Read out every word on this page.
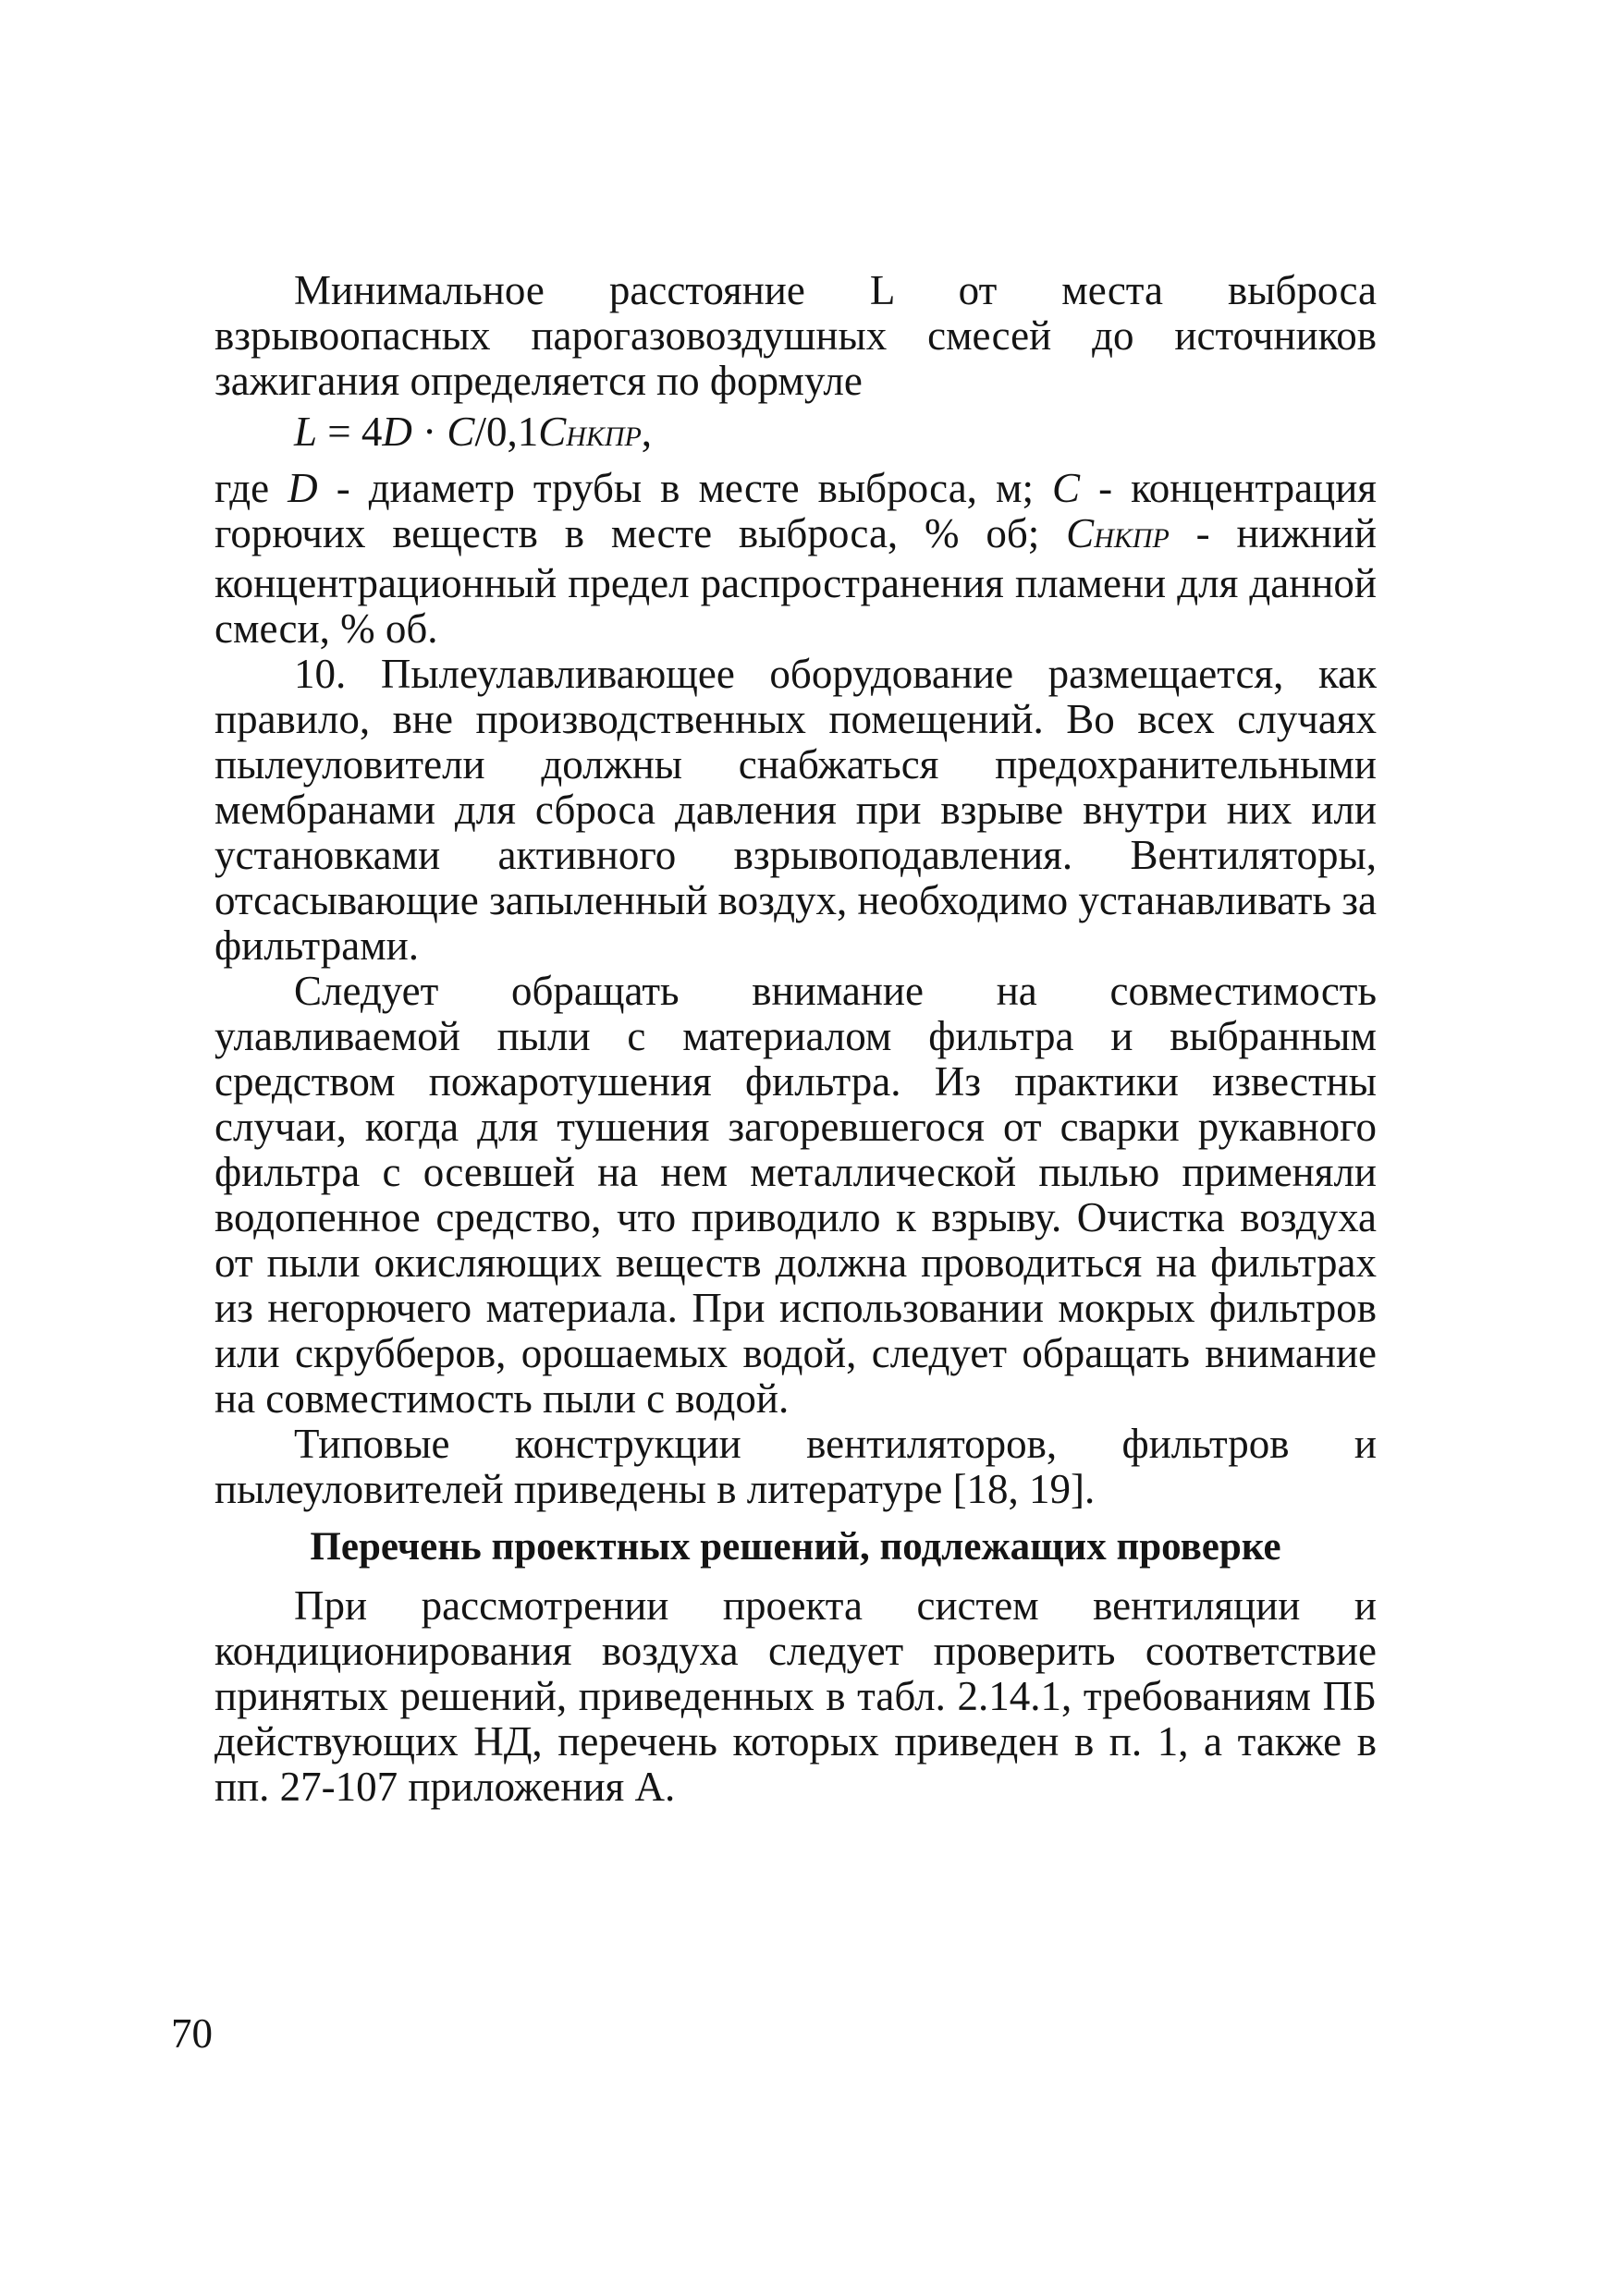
Минимальное расстояние L от места выброса взрывоопасных парогазовоздушных смесей до источников зажигания определяется по формуле

L = 4D · C/0,1CНКПР,

где D - диаметр трубы в месте выброса, м; C - концентрация горючих веществ в месте выброса, % об; CНКПР - нижний концентрационный предел распространения пламени для данной смеси, % об.

10. Пылеулавливающее оборудование размещается, как правило, вне производственных помещений. Во всех случаях пылеуловители должны снабжаться предохранительными мембранами для сброса давления при взрыве внутри них или установками активного взрывоподавления. Вентиляторы, отсасывающие запыленный воздух, необходимо устанавливать за фильтрами.

Следует обращать внимание на совместимость улавливаемой пыли с материалом фильтра и выбранным средством пожаротушения фильтра. Из практики известны случаи, когда для тушения загоревшегося от сварки рукавного фильтра с осевшей на нем металлической пылью применяли водопенное средство, что приводило к взрыву. Очистка воздуха от пыли окисляющих веществ должна проводиться на фильтрах из негорючего материала. При использовании мокрых фильтров или скрубберов, орошаемых водой, следует обращать внимание на совместимость пыли с водой.

Типовые конструкции вентиляторов, фильтров и пылеуловителей приведены в литературе [18, 19].

Перечень проектных решений, подлежащих проверке

При рассмотрении проекта систем вентиляции и кондиционирования воздуха следует проверить соответствие принятых решений, приведенных в табл. 2.14.1, требованиям ПБ действующих НД, перечень которых приведен в п. 1, а также в пп. 27-107 приложения А.

70
